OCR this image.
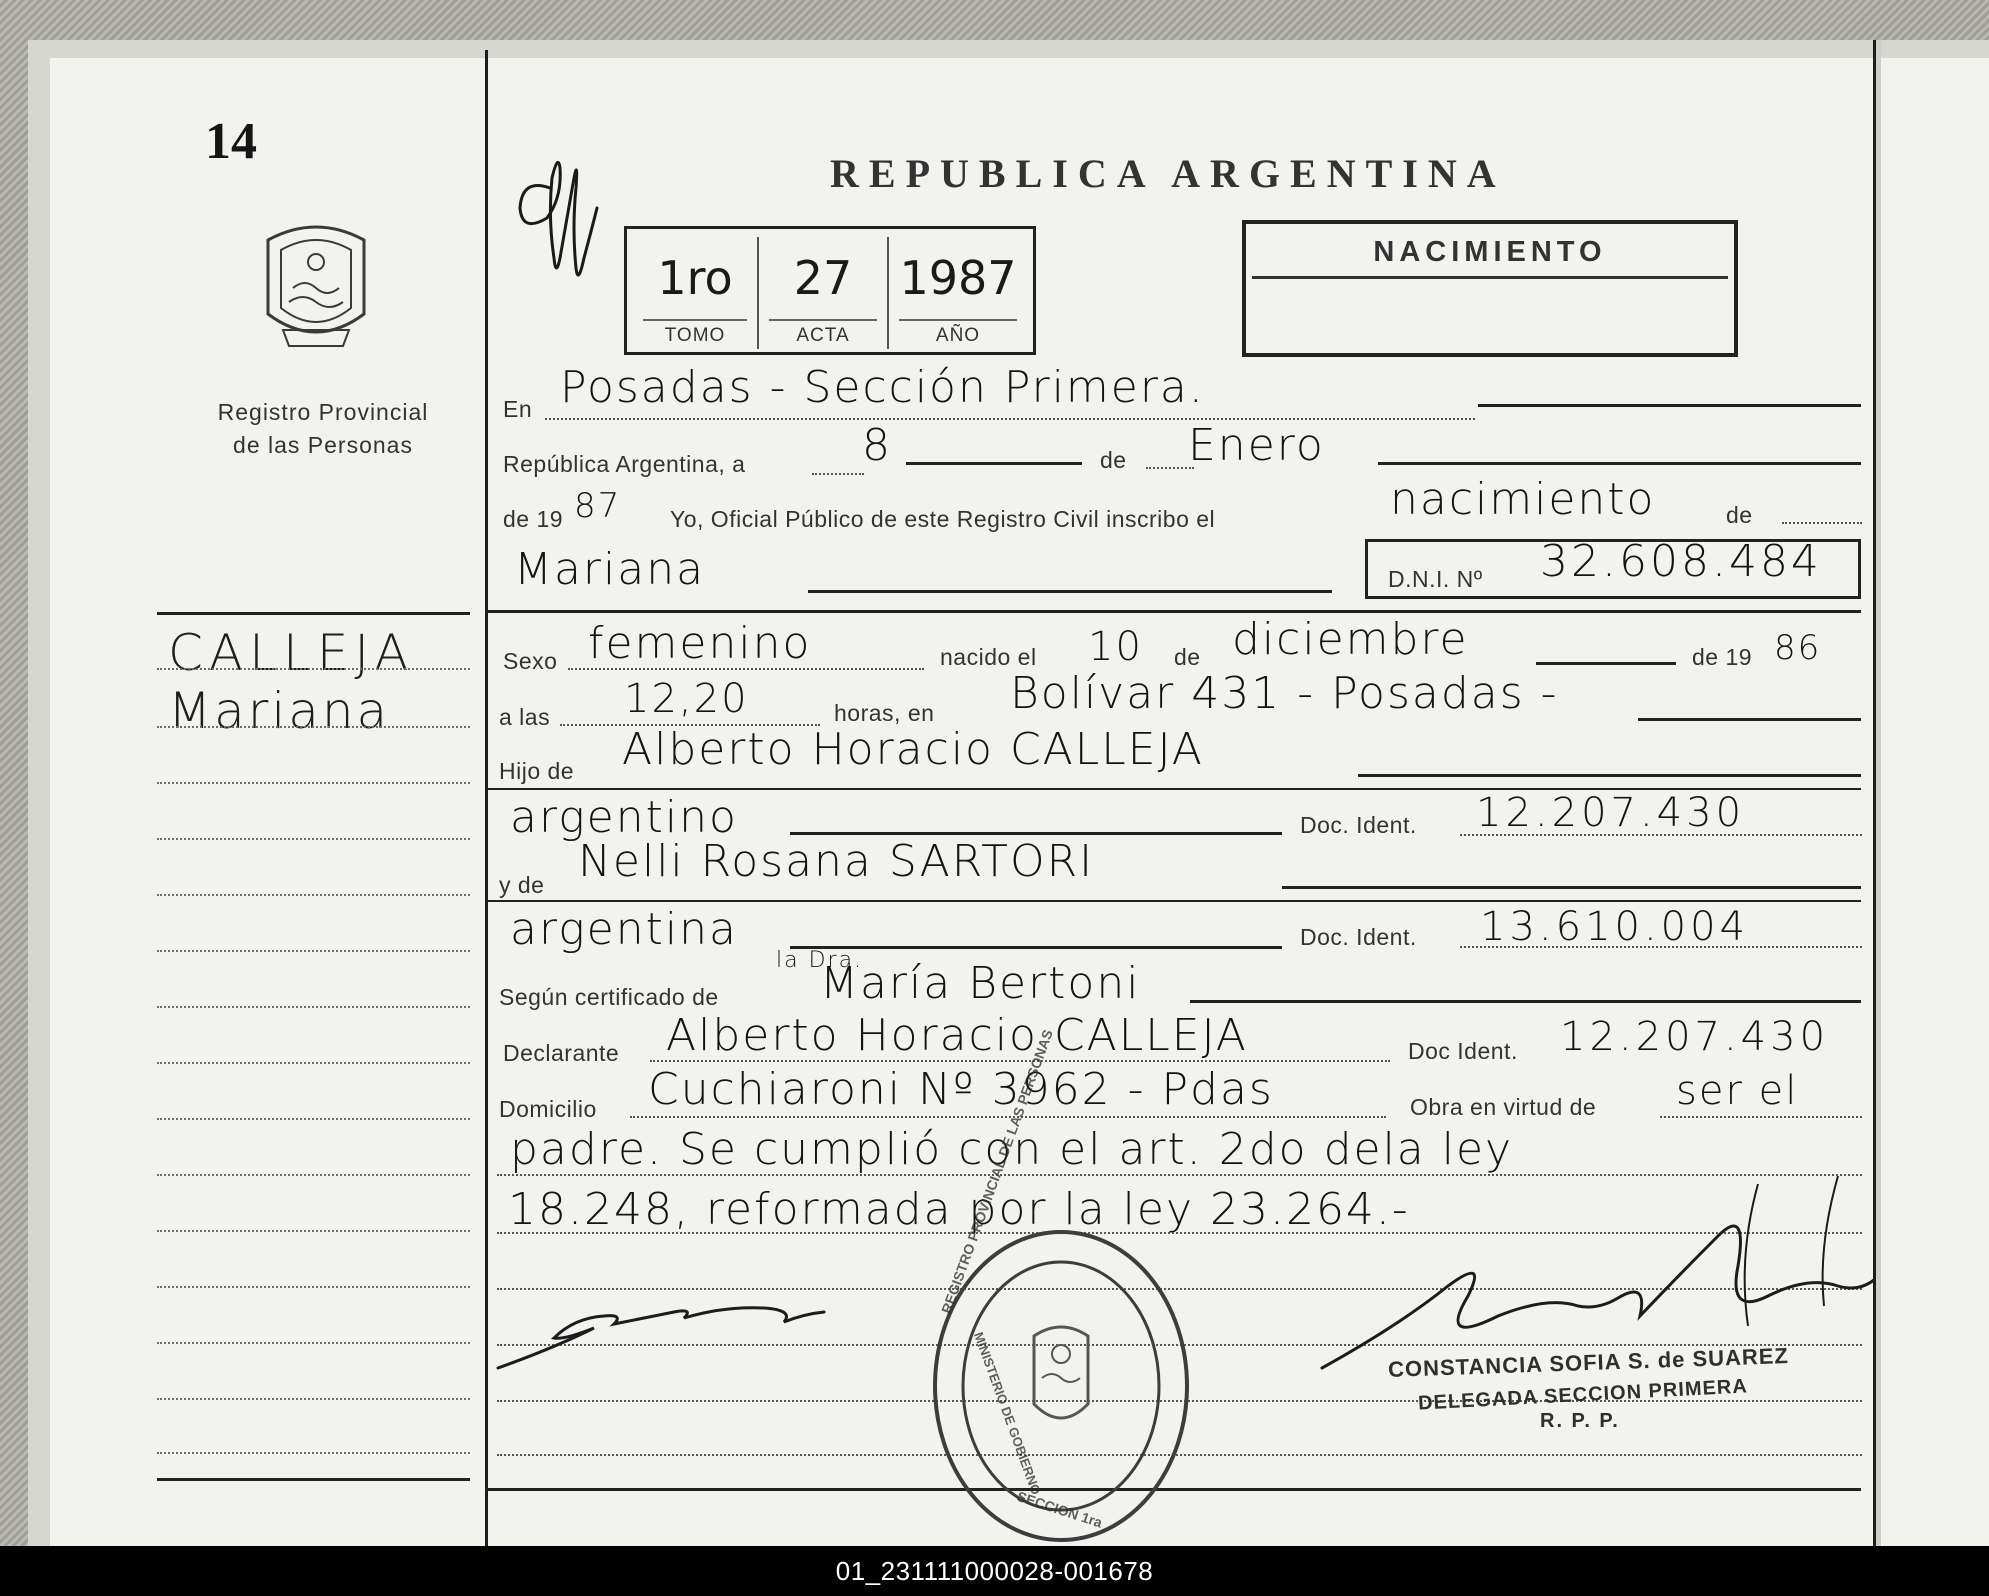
14
Registro Provincial
de las Personas
CALLEJA
Mariana
REPUBLICA ARGENTINA
1ro
TOMO
27
ACTA
1987
AÑO
NACIMIENTO
En Posadas - Sección Primera.
República Argentina, a	8	de Enero
de 19 87 Yo, Oficial Público de este Registro Civil inscribo el	nacimiento	de
Mariana	D.N.I. Nº 32.608.484
Sexo femenino	nacido el 10 de diciembre	de 19 86
a las 12,20	horas, en Bolívar 431 - Posadas -
Hijo de Alberto Horacio CALLEJA
argentino	Doc. Ident. 12.207.430
y de Nelli Rosana SARTORI
argentina	Doc. Ident. 13.610.004
Según certificado de
la Dra.
María Bertoni
Declarante Alberto Horacio CALLEJA	Doc Ident. 12.207.430
Domicilio Cuchiaroni Nº 3962 - Pdas	Obra en virtud de ser el
padre. Se cumplió con el art. 2do dela ley
18.248, reformada por la ley 23.264.-
REGISTRO PROVINCIAL DE LAS PERSONAS
MINISTERIO DE GOBIERNO
SECCION 1ra
CONSTANCIA SOFIA S. de SUAREZ
DELEGADA SECCION PRIMERA
R. P. P.
01_231111000028-001678
